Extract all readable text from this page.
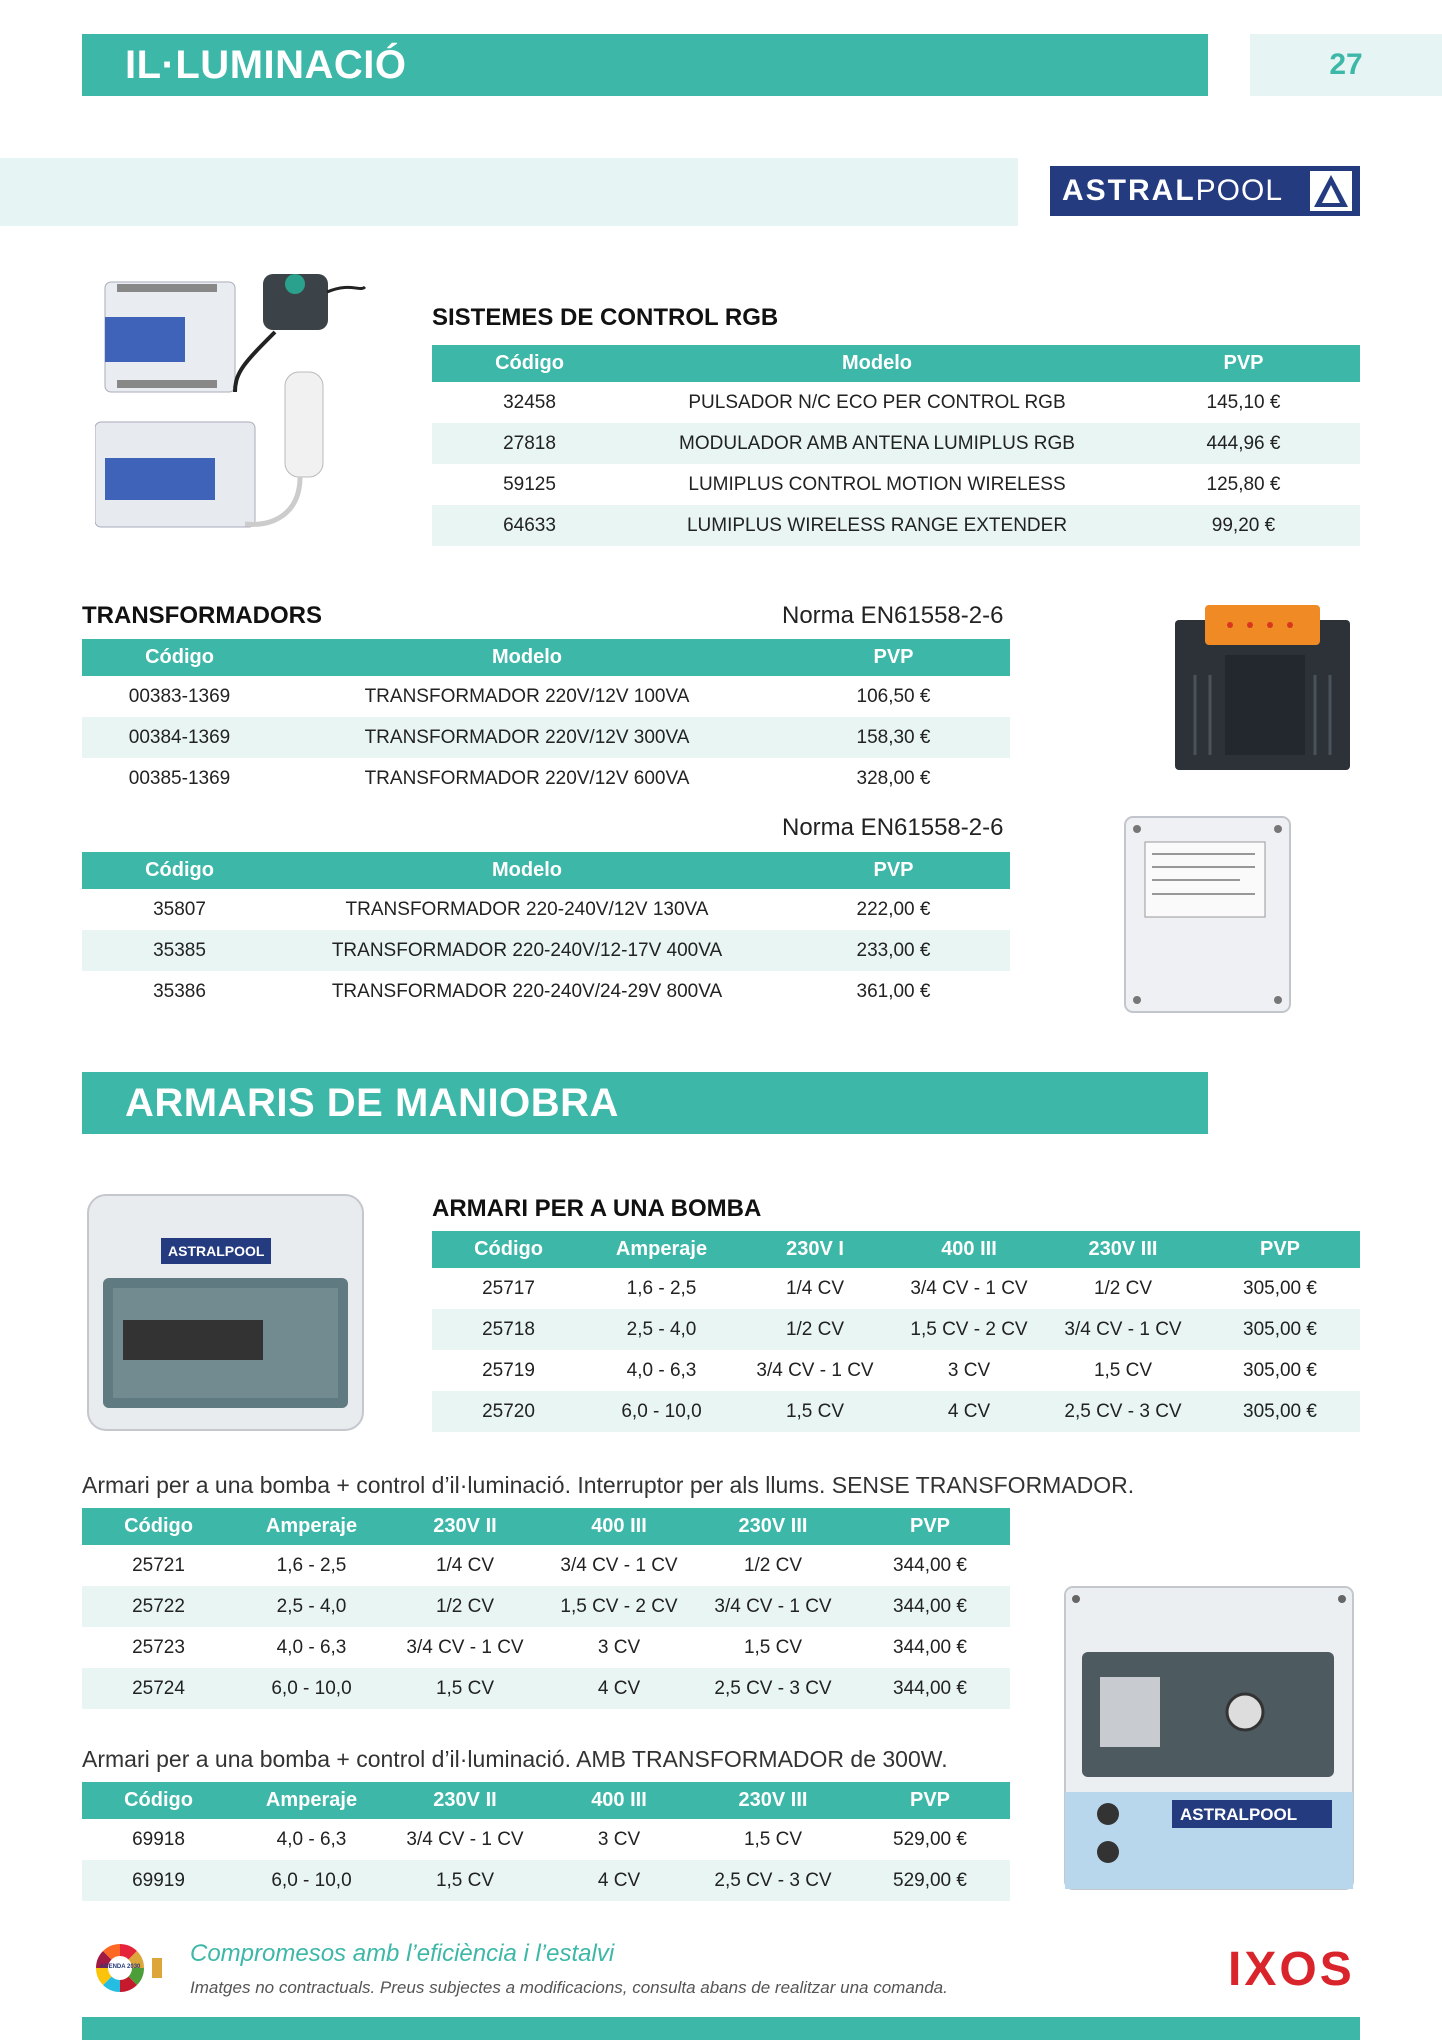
IL·LUMINACIÓ	27
ASTRALPOOL
SISTEMES DE CONTROL RGB
Código	Modelo	PVP
32458	PULSADOR N/C ECO PER CONTROL RGB	145,10 €
27818	MODULADOR AMB ANTENA LUMIPLUS RGB	444,96 €
59125	LUMIPLUS CONTROL MOTION WIRELESS	125,80 €
64633	LUMIPLUS WIRELESS RANGE EXTENDER	99,20 €
TRANSFORMADORS	Norma EN61558-2-6
Código	Modelo	PVP
00383-1369	TRANSFORMADOR 220V/12V 100VA	106,50 €
00384-1369	TRANSFORMADOR 220V/12V 300VA	158,30 €
00385-1369	TRANSFORMADOR 220V/12V 600VA	328,00 €
Norma EN61558-2-6
Código	Modelo	PVP
35807	TRANSFORMADOR 220-240V/12V 130VA	222,00 €
35385	TRANSFORMADOR 220-240V/12-17V 400VA	233,00 €
35386	TRANSFORMADOR 220-240V/24-29V 800VA	361,00 €
ARMARIS DE MANIOBRA
ASTRALPOOL
ARMARI PER A UNA BOMBA
Código	Amperaje	230V I	400 III	230V III	PVP
25717	1,6 - 2,5	1/4 CV	3/4 CV - 1 CV	1/2 CV	305,00 €
25718	2,5 - 4,0	1/2 CV	1,5 CV - 2 CV	3/4 CV - 1 CV	305,00 €
25719	4,0 - 6,3	3/4 CV - 1 CV	3 CV	1,5 CV	305,00 €
25720	6,0 - 10,0	1,5 CV	4 CV	2,5 CV - 3 CV	305,00 €
Armari per a una bomba + control d’il·luminació. Interruptor per als llums. SENSE TRANSFORMADOR.
Código	Amperaje	230V II	400 III	230V III	PVP
25721	1,6 - 2,5	1/4 CV	3/4 CV - 1 CV	1/2 CV	344,00 €
25722	2,5 - 4,0	1/2 CV	1,5 CV - 2 CV	3/4 CV - 1 CV	344,00 €
25723	4,0 - 6,3	3/4 CV - 1 CV	3 CV	1,5 CV	344,00 €
25724	6,0 - 10,0	1,5 CV	4 CV	2,5 CV - 3 CV	344,00 €
Armari per a una bomba + control d’il·luminació. AMB TRANSFORMADOR de 300W.
Código	Amperaje	230V II	400 III	230V III	PVP
69918	4,0 - 6,3	3/4 CV - 1 CV	3 CV	1,5 CV	529,00 €
69919	6,0 - 10,0	1,5 CV	4 CV	2,5 CV - 3 CV	529,00 €
ASTRALPOOL
AGENDA 2030	Compromesos amb l’eficiència i l’estalvi
Imatges no contractuals. Preus subjectes a modificacions, consulta abans de realitzar una comanda.	IXOS
